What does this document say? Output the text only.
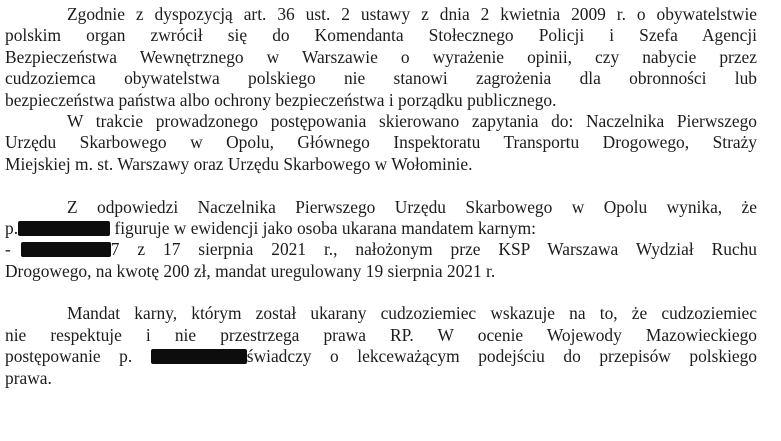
Zgodnie z dyspozycją art. 36 ust. 2 ustawy z dnia 2 kwietnia 2009 r. o obywatelstwie
polskim organ zwrócił się do Komendanta Stołecznego Policji i Szefa Agencji
Bezpieczeństwa Wewnętrznego w Warszawie o wyrażenie opinii, czy nabycie przez
cudzoziemca obywatelstwa polskiego nie stanowi zagrożenia dla obronności lub
bezpieczeństwa państwa albo ochrony bezpieczeństwa i porządku publicznego.
W trakcie prowadzonego postępowania skierowano zapytania do: Naczelnika Pierwszego
Urzędu Skarbowego w Opolu, Głównego Inspektoratu Transportu Drogowego, Straży
Miejskiej m. st. Warszawy oraz Urzędu Skarbowego w Wołominie.
Z odpowiedzi Naczelnika Pierwszego Urzędu Skarbowego w Opolu wynika, że
p.	figuruje w ewidencji jako osoba ukarana mandatem karnym:
-	7 z 17 sierpnia 2021 r., nałożonym prze KSP Warszawa Wydział Ruchu
Drogowego, na kwotę 200 zł, mandat uregulowany 19 sierpnia 2021 r.
Mandat karny, którym został ukarany cudzoziemiec wskazuje na to, że cudzoziemiec
nie respektuje i nie przestrzega prawa RP. W ocenie Wojewody Mazowieckiego
postępowanie p.	świadczy o lekceważącym podejściu do przepisów polskiego
prawa.
